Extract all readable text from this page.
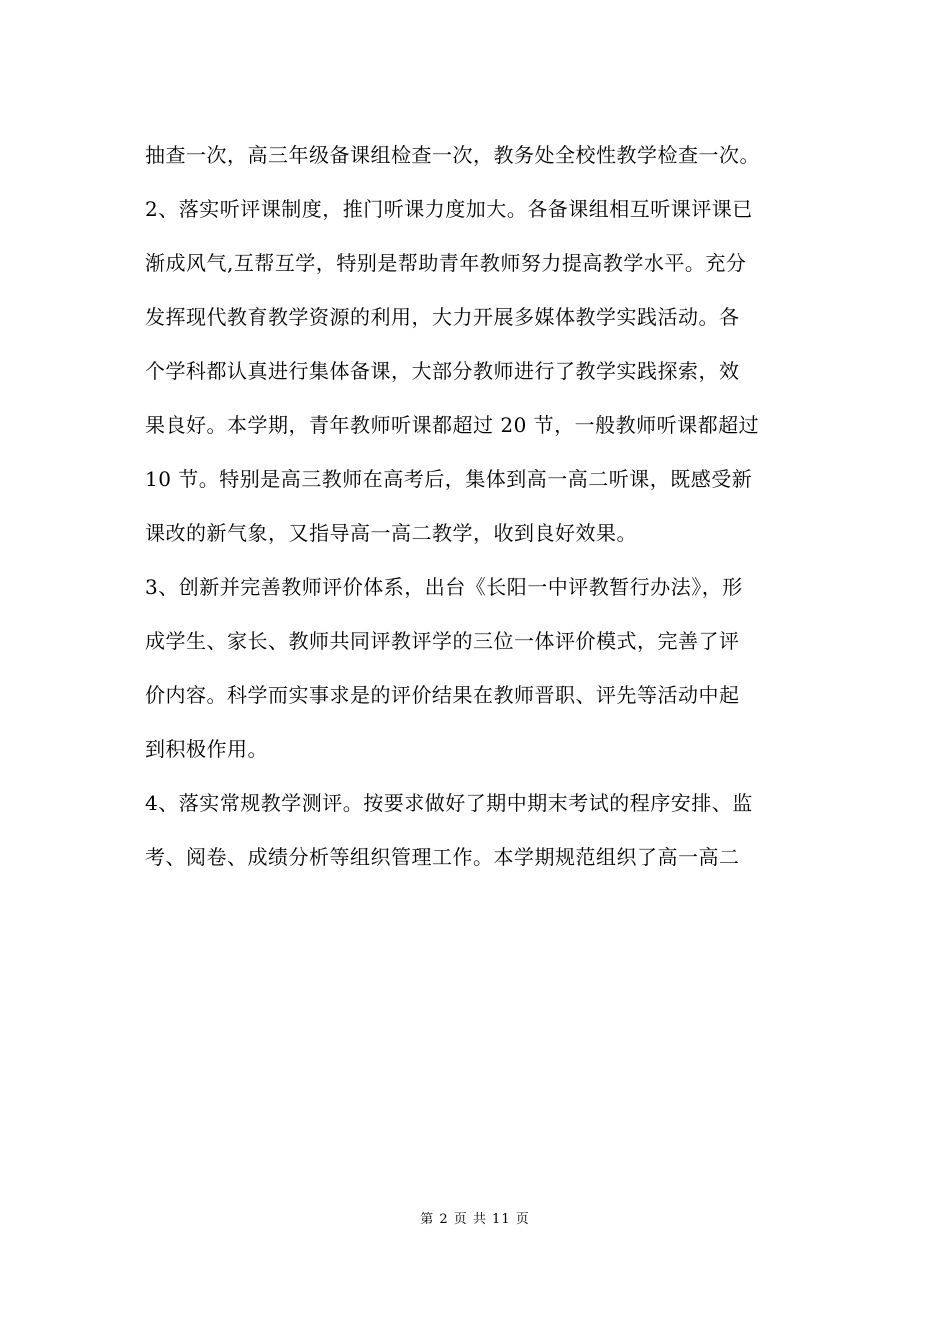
抽查一次，高三年级备课组检查一次，教务处全校性教学检查一次。
2、落实听评课制度，推门听课力度加大。各备课组相互听课评课已
渐成风气,互帮互学，特别是帮助青年教师努力提高教学水平。充分
发挥现代教育教学资源的利用，大力开展多媒体教学实践活动。各
个学科都认真进行集体备课，大部分教师进行了教学实践探索，效
果良好。本学期，青年教师听课都超过 20 节，一般教师听课都超过
10 节。特别是高三教师在高考后，集体到高一高二听课，既感受新
课改的新气象，又指导高一高二教学，收到良好效果。
3、创新并完善教师评价体系，出台《长阳一中评教暂行办法》，形
成学生、家长、教师共同评教评学的三位一体评价模式，完善了评
价内容。科学而实事求是的评价结果在教师晋职、评先等活动中起
到积极作用。
4、落实常规教学测评。按要求做好了期中期末考试的程序安排、监
考、阅卷、成绩分析等组织管理工作。本学期规范组织了高一高二
第 2 页 共 11 页
